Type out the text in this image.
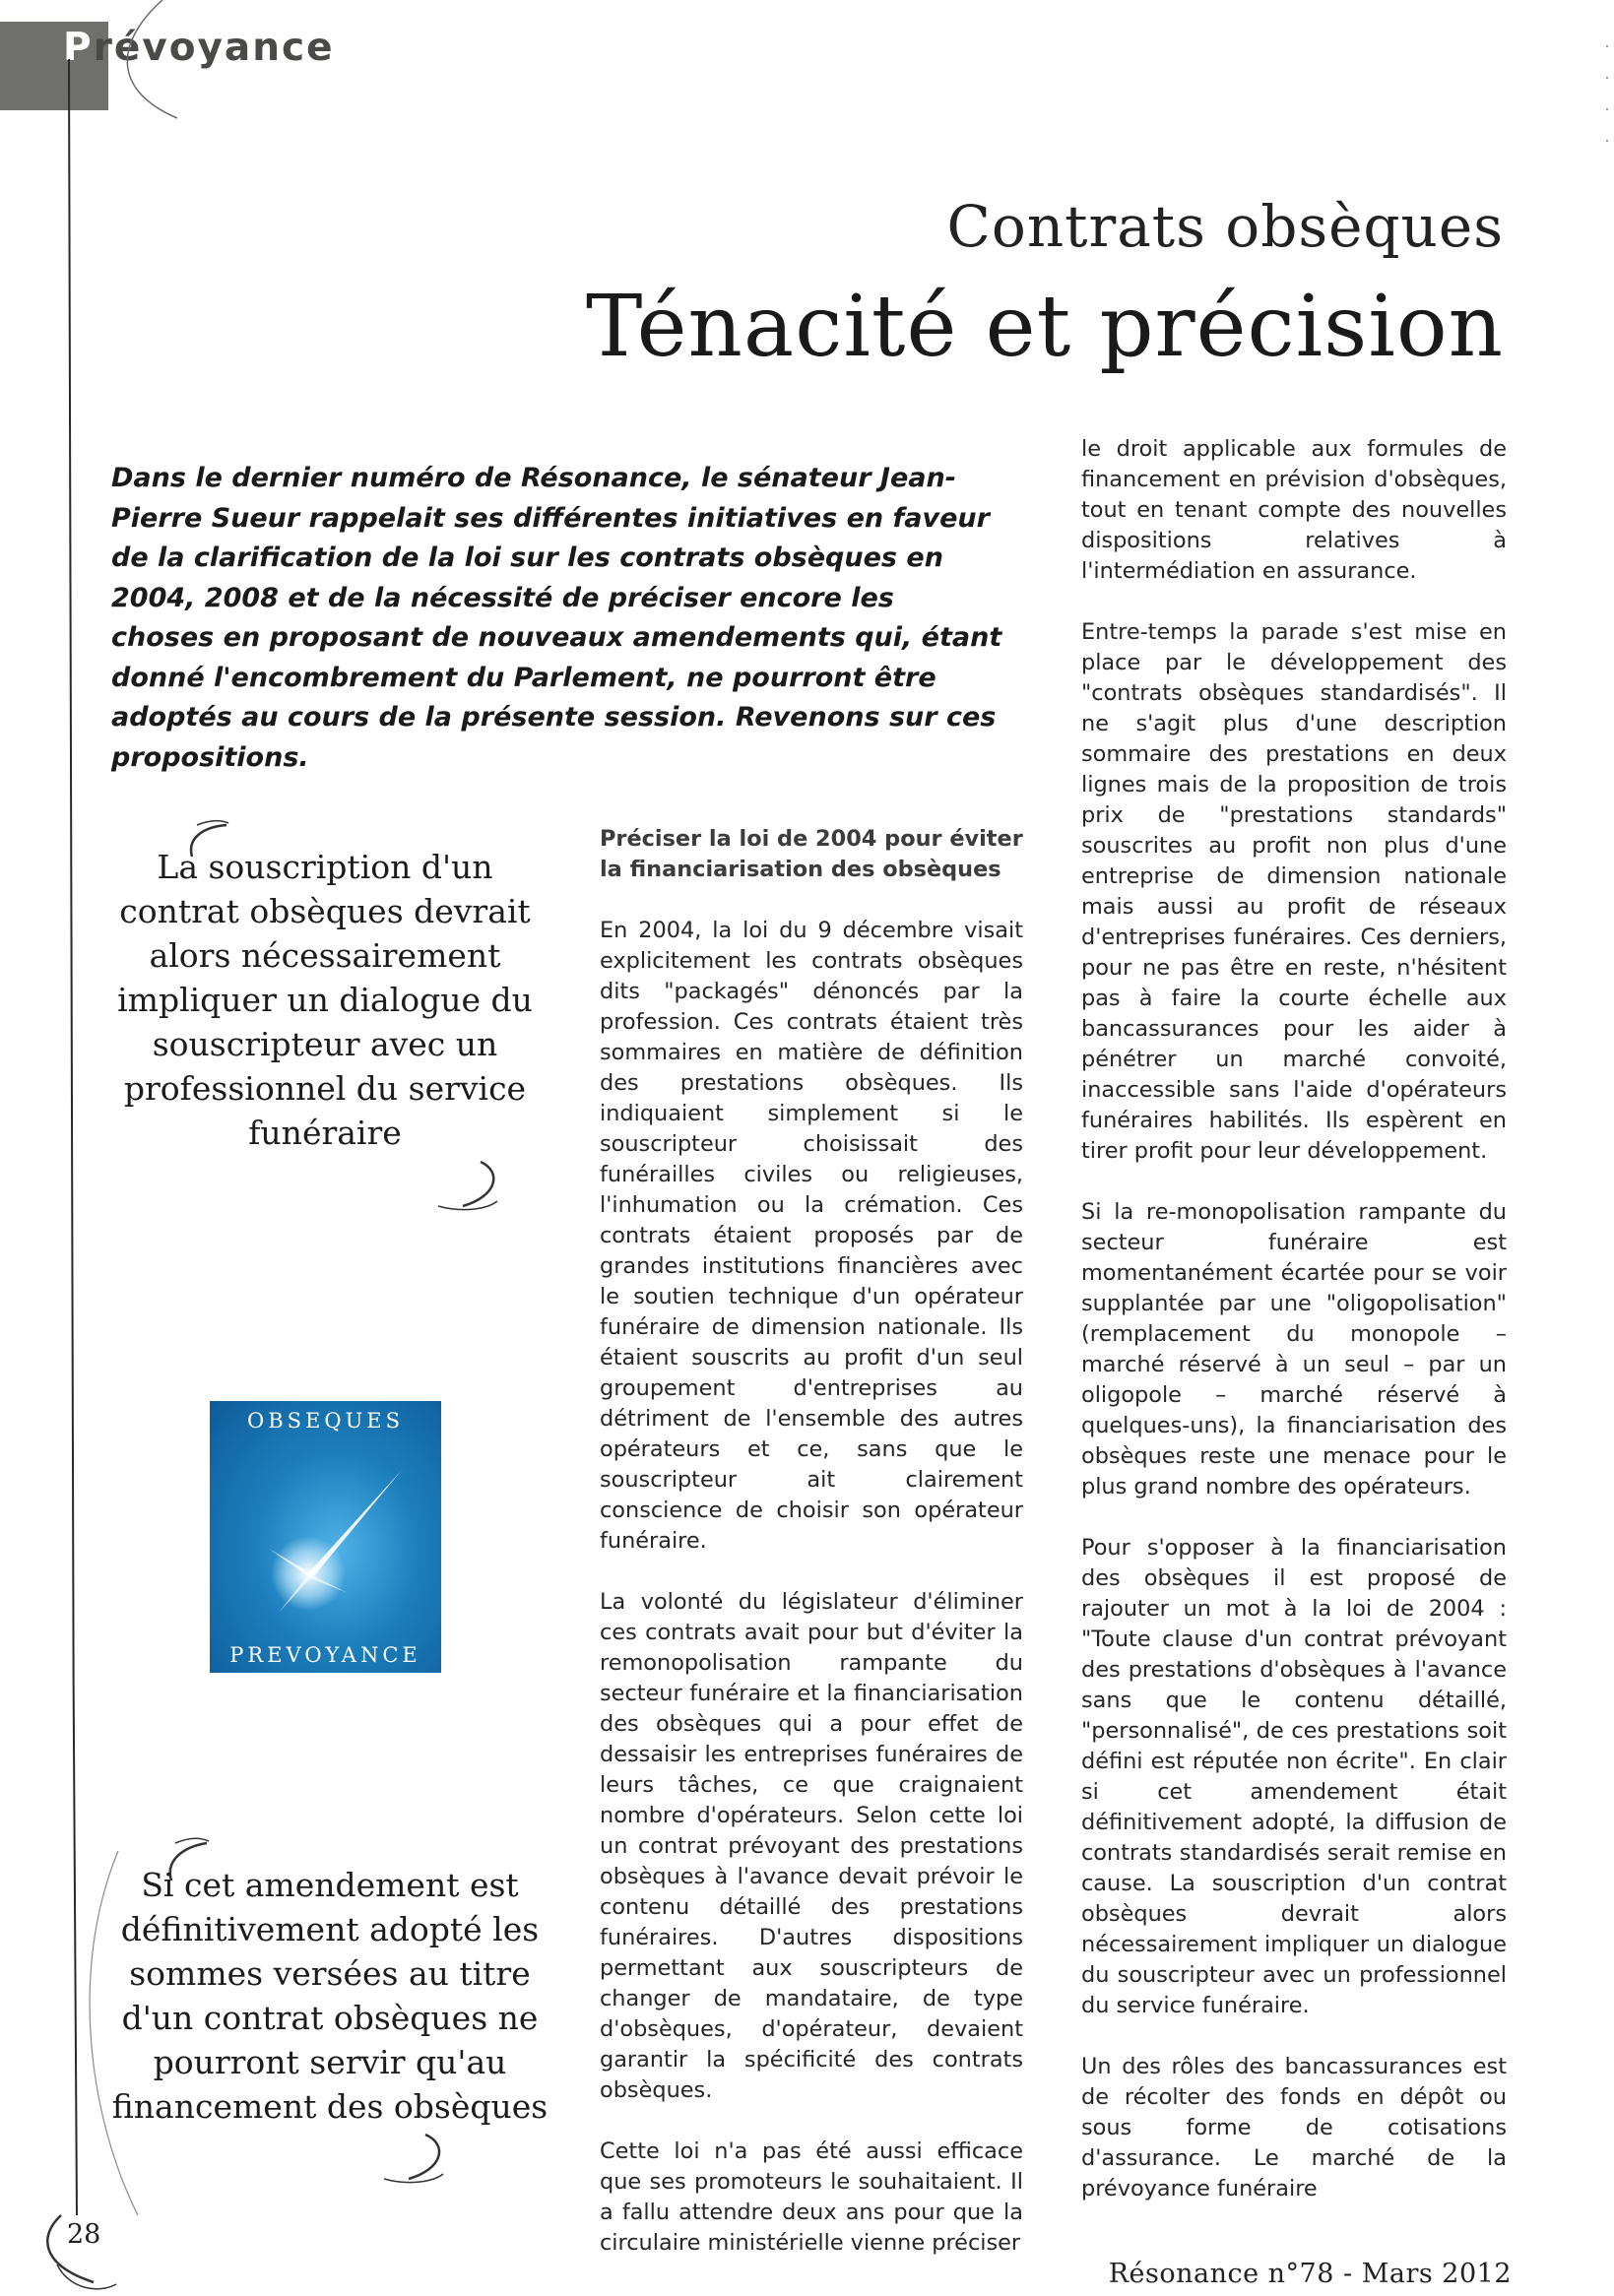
Prévoyance	·
·
·
·
Contrats obsèques
Ténacité et précision

Dans le dernier numéro de Résonance, le sénateur Jean-Pierre Sueur rappelait ses différentes initiatives en faveur de la clarification de la loi sur les contrats obsèques en 2004, 2008 et de la nécessité de préciser encore les choses en proposant de nouveaux amendements qui, étant donné l'encombrement du Parlement, ne pourront être adoptés au cours de la présente session. Revenons sur ces propositions.

La souscription d'un contrat obsèques devrait alors nécessairement impliquer un dialogue du souscripteur avec un professionnel du service funéraire

Si cet amendement est définitivement adopté les sommes versées au titre d'un contrat obsèques ne pourront servir qu'au financement des obsèques

OBSEQUES
PREVOYANCE

Préciser la loi de 2004 pour éviter la financiarisation des obsèques

En 2004, la loi du 9 décembre visait explicitement les contrats obsèques dits "packagés" dénoncés par la profession. Ces contrats étaient très sommaires en matière de définition des prestations obsèques. Ils indiquaient simplement si le souscripteur choisissait des funérailles civiles ou religieuses, l'inhumation ou la crémation. Ces contrats étaient proposés par de grandes institutions financières avec le soutien technique d'un opérateur funéraire de dimension nationale. Ils étaient souscrits au profit d'un seul groupement d'entreprises au détriment de l'ensemble des autres opérateurs et ce, sans que le souscripteur ait clairement conscience de choisir son opérateur funéraire.

La volonté du législateur d'éliminer ces contrats avait pour but d'éviter la remonopolisation rampante du secteur funéraire et la financiarisation des obsèques qui a pour effet de dessaisir les entreprises funéraires de leurs tâches, ce que craignaient nombre d'opérateurs. Selon cette loi un contrat prévoyant des prestations obsèques à l'avance devait prévoir le contenu détaillé des prestations funéraires. D'autres dispositions permettant aux souscripteurs de changer de mandataire, de type d'obsèques, d'opérateur, devaient garantir la spécificité des contrats obsèques.

Cette loi n'a pas été aussi efficace que ses promoteurs le souhaitaient. Il a fallu attendre deux ans pour que la circulaire ministérielle vienne préciser

le droit applicable aux formules de financement en prévision d'obsèques, tout en tenant compte des nouvelles dispositions relatives à l'intermédiation en assurance.

Entre-temps la parade s'est mise en place par le développement des "contrats obsèques standardisés". Il ne s'agit plus d'une description sommaire des prestations en deux lignes mais de la proposition de trois prix de "prestations standards" souscrites au profit non plus d'une entreprise de dimension nationale mais aussi au profit de réseaux d'entreprises funéraires. Ces derniers, pour ne pas être en reste, n'hésitent pas à faire la courte échelle aux bancassurances pour les aider à pénétrer un marché convoité, inaccessible sans l'aide d'opérateurs funéraires habilités. Ils espèrent en tirer profit pour leur développement.

Si la re-monopolisation rampante du secteur funéraire est momentanément écartée pour se voir supplantée par une "oligopolisation" (remplacement du monopole – marché réservé à un seul – par un oligopole – marché réservé à quelques-uns), la financiarisation des obsèques reste une menace pour le plus grand nombre des opérateurs.

Pour s'opposer à la financiarisation des obsèques il est proposé de rajouter un mot à la loi de 2004 : "Toute clause d'un contrat prévoyant des prestations d'obsèques à l'avance sans que le contenu détaillé, "personnalisé", de ces prestations soit défini est réputée non écrite". En clair si cet amendement était définitivement adopté, la diffusion de contrats standardisés serait remise en cause. La souscription d'un contrat obsèques devrait alors nécessairement impliquer un dialogue du souscripteur avec un professionnel du service funéraire.

Un des rôles des bancassurances est de récolter des fonds en dépôt ou sous forme de cotisations d'assurance. Le marché de la prévoyance funéraire

28

Résonance n°78 - Mars 2012
